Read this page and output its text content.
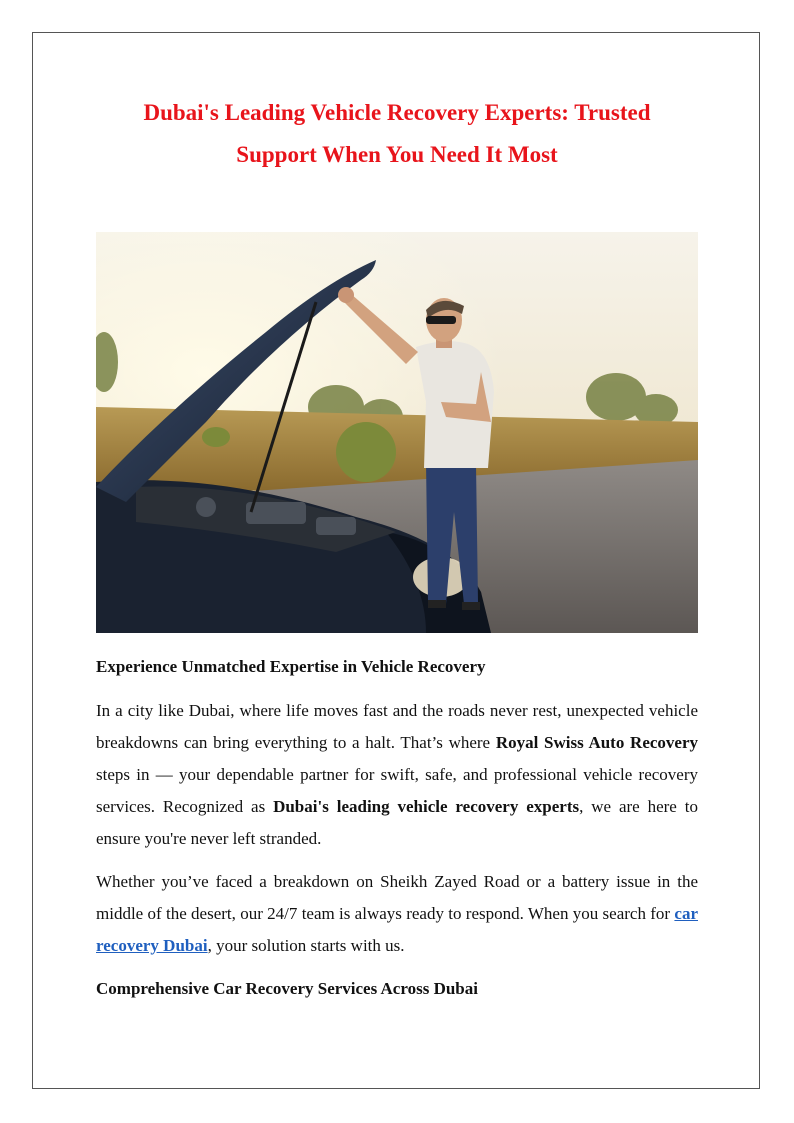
Dubai's Leading Vehicle Recovery Experts: Trusted
Support When You Need It Most
Experience Unmatched Expertise in Vehicle Recovery

In a city like Dubai, where life moves fast and the roads never rest, unexpected vehicle breakdowns can bring everything to a halt. That’s where Royal Swiss Auto Recovery steps in — your dependable partner for swift, safe, and professional vehicle recovery services. Recognized as Dubai's leading vehicle recovery experts, we are here to ensure you're never left stranded.

Whether you’ve faced a breakdown on Sheikh Zayed Road or a battery issue in the middle of the desert, our 24/7 team is always ready to respond. When you search for car recovery Dubai, your solution starts with us.

Comprehensive Car Recovery Services Across Dubai
